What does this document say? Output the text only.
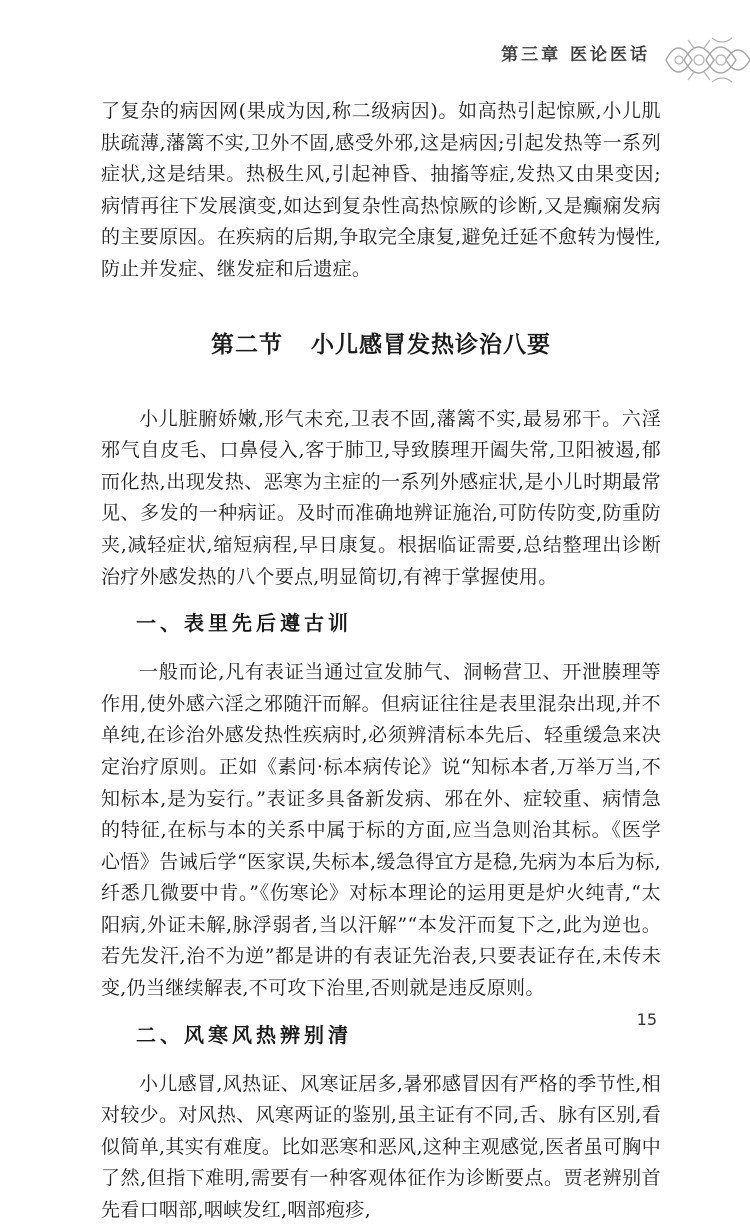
第三章 医论医话

了复杂的病因网(果成为因,称二级病因)。如高热引起惊厥,小儿肌肤疏薄,藩篱不实,卫外不固,感受外邪,这是病因;引起发热等一系列症状,这是结果。热极生风,引起神昏、抽搐等症,发热又由果变因;病情再往下发展演变,如达到复杂性高热惊厥的诊断,又是癫痫发病的主要原因。在疾病的后期,争取完全康复,避免迁延不愈转为慢性,防止并发症、继发症和后遗症。

第二节 小儿感冒发热诊治八要

小儿脏腑娇嫩,形气未充,卫表不固,藩篱不实,最易邪干。六淫邪气自皮毛、口鼻侵入,客于肺卫,导致腠理开阖失常,卫阳被遏,郁而化热,出现发热、恶寒为主症的一系列外感症状,是小儿时期最常见、多发的一种病证。及时而准确地辨证施治,可防传防变,防重防夹,减轻症状,缩短病程,早日康复。根据临证需要,总结整理出诊断治疗外感发热的八个要点,明显简切,有裨于掌握使用。

一、表里先后遵古训

一般而论,凡有表证当通过宣发肺气、洞畅营卫、开泄腠理等作用,使外感六淫之邪随汗而解。但病证往往是表里混杂出现,并不单纯,在诊治外感发热性疾病时,必须辨清标本先后、轻重缓急来决定治疗原则。正如《素问·标本病传论》说“知标本者,万举万当,不知标本,是为妄行。”表证多具备新发病、邪在外、症较重、病情急的特征,在标与本的关系中属于标的方面,应当急则治其标。《医学心悟》告诫后学“医家误,失标本,缓急得宜方是稳,先病为本后为标,纤悉几微要中肯。”《伤寒论》对标本理论的运用更是炉火纯青,“太阳病,外证未解,脉浮弱者,当以汗解”“本发汗而复下之,此为逆也。若先发汗,治不为逆”都是讲的有表证先治表,只要表证存在,未传未变,仍当继续解表,不可攻下治里,否则就是违反原则。

二、风寒风热辨别清

小儿感冒,风热证、风寒证居多,暑邪感冒因有严格的季节性,相对较少。对风热、风寒两证的鉴别,虽主证有不同,舌、脉有区别,看似简单,其实有难度。比如恶寒和恶风,这种主观感觉,医者虽可胸中了然,但指下难明,需要有一种客观体征作为诊断要点。贾老辨别首先看口咽部,咽峡发红,咽部疱疹,

15
